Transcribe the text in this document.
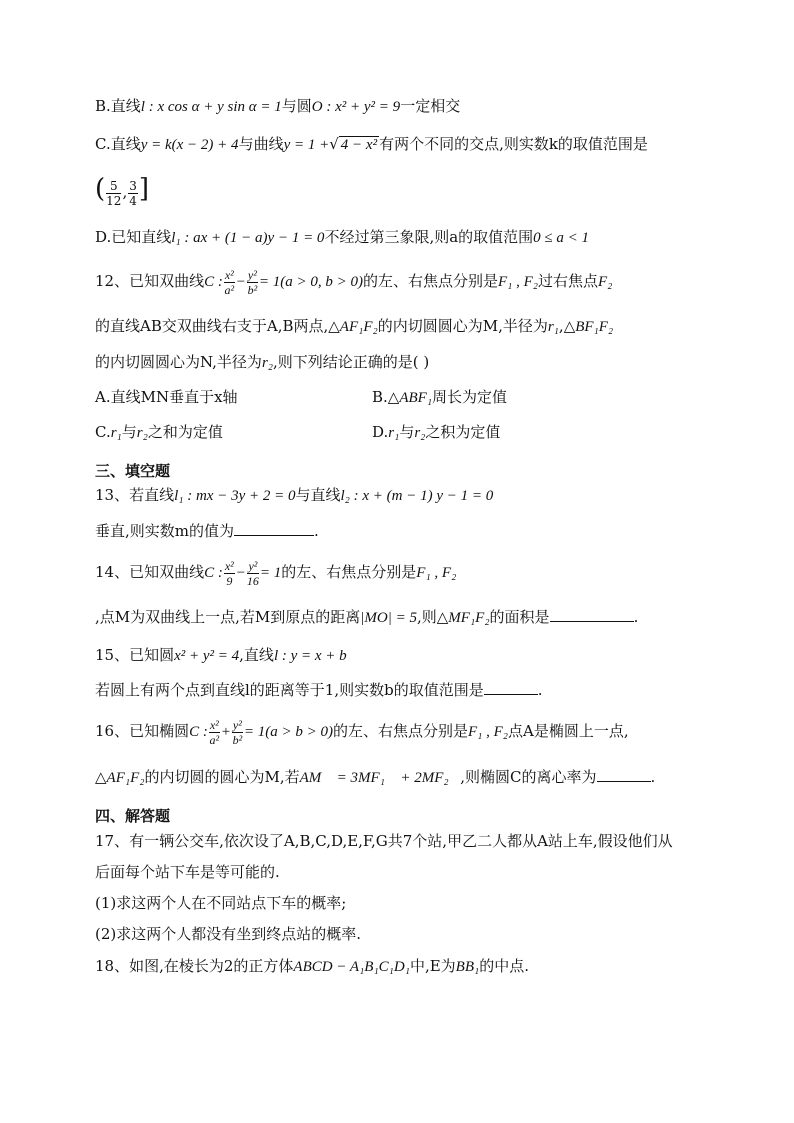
B.直线l : x cos α + y sin α = 1与圆O : x² + y² = 9一定相交
C.直线y = k(x − 2) + 4与曲线y = 1 +√ 4 − x² 有两个不同的交点,则实数k的取值范围是
( $\frac{5}{12}$ , $\frac{3}{4}$ ]
D.已知直线l₁ : ax + (1 − a)y − 1 = 0不经过第三象限,则a的取值范围0 ≤ a < 1
12、已知双曲线C : $\frac{\text{x²}}{\text{a²}} - \frac{\text{y²}}{\text{b²}} = 1(a > 0$, b > 0)的左、右焦点分别是F₁ , F₂过右焦点F₂
的直线AB交双曲线右支于A,B两点,△AF₁F₂的内切圆圆心为M,半径为r₁,△BF₁F₂
的内切圆圆心为N,半径为r₂,则下列结论正确的是( )
A.直线MN垂直于x轴	B.△ABF₁周长为定值
C.r₁与r₂之和为定值	D.r₁与r₂之积为定值
三、填空题
13、若直线l₁ : mx − 3y + 2 = 0与直线l₂ : x + (m − 1) y − 1 = 0
垂直,则实数m的值为	.
14、已知双曲线C : $\frac{\text{x²}}{9} - \frac{\text{y²}}{16} = 1$的左、右焦点分别是F₁ , F₂
,点M为双曲线上一点,若M到原点的距离|MO| = 5,则△MF₁F₂的面积是	.
15、已知圆x² + y² = 4,直线l : y = x + b
若圆上有两个点到直线l的距离等于1,则实数b的取值范围是	.
16、已知椭圆C : $\frac{\text{x²}}{\text{a²}} + \frac{\text{y²}}{\text{b²}} = 1(a > b > 0)$的左、右焦点分别是F₁ , F₂点A是椭圆上一点,
△AF₁F₂的内切圆的圆心为M,若AM⃗ = 3MF₁⃗ + 2MF₂⃗,则椭圆C的离心率为	.
四、解答题
17、有一辆公交车,依次设了A,B,C,D,E,F,G共7个站,甲乙二人都从A站上车,假设他们从
后面每个站下车是等可能的.
(1)求这两个人在不同站点下车的概率;
(2)求这两个人都没有坐到终点站的概率.
18、如图,在棱长为2的正方体ABCD − A₁B₁C₁D₁中,E为BB₁的中点.
